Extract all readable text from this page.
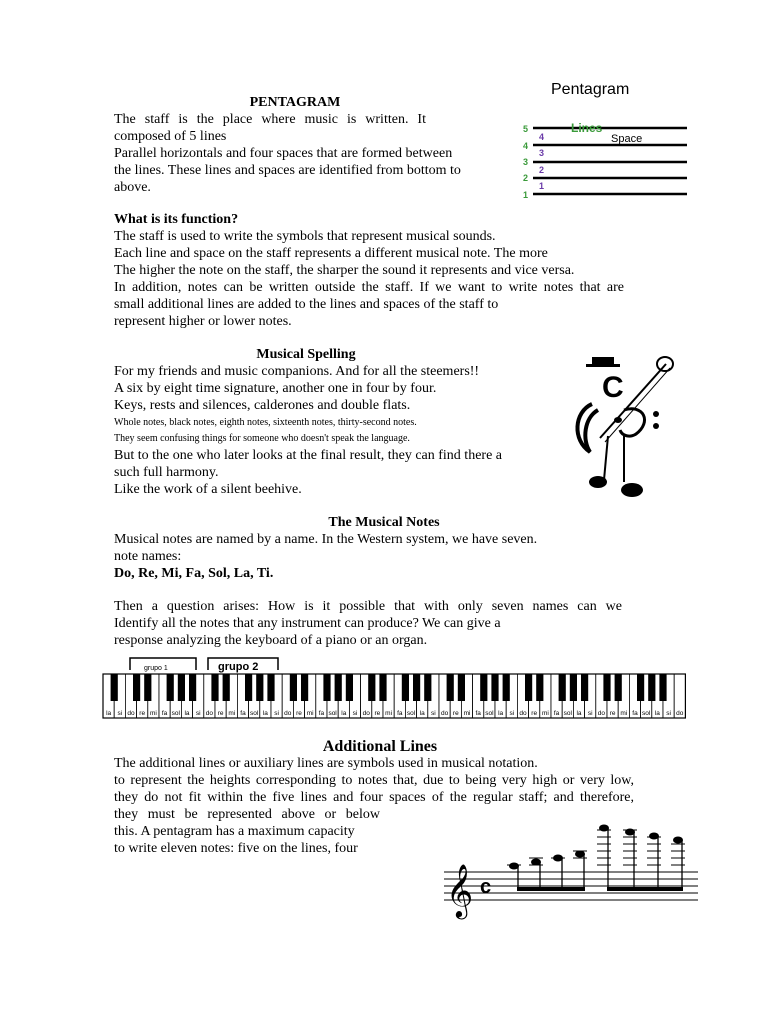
PENTAGRAM
The staff is the place where music is written. It
composed of 5 lines
Parallel horizontals and four spaces that are formed between
the lines. These lines and spaces are identified from bottom to
above.
Pentagram
Lines
Space
5
4
3
2
1
4
3
2
1
What is its function?
The staff is used to write the symbols that represent musical sounds.
Each line and space on the staff represents a different musical note. The more
The higher the note on the staff, the sharper the sound it represents and vice versa.
In addition, notes can be written outside the staff. If we want to write notes that are
small additional lines are added to the lines and spaces of the staff to
represent higher or lower notes.
Musical Spelling
For my friends and music companions. And for all the steemers!!
A six by eight time signature, another one in four by four.
Keys, rests and silences, calderones and double flats.
Whole notes, black notes, eighth notes, sixteenth notes, thirty-second notes.
They seem confusing things for someone who doesn't speak the language.
But to the one who later looks at the final result, they can find there a
such full harmony.
Like the work of a silent beehive.
C
The Musical Notes
Musical notes are named by a name. In the Western system, we have seven.
note names:
Do, Re, Mi, Fa, Sol, La, Ti.
Then a question arises: How is it possible that with only seven names can we
Identify all the notes that any instrument can produce? We can give a
response analyzing the keyboard of a piano or an organ.
grupo 1	grupo 2
la si do re mi fa sol la si do re mi fa sol la si do re mi fa sol la si do re mi fa sol la si do re mi fa sol la si do re mi fa sol la si do re mi fa sol la si do
Additional Lines
The additional lines or auxiliary lines are symbols used in musical notation.
to represent the heights corresponding to notes that, due to being very high or very low,
they do not fit within the five lines and four spaces of the regular staff; and therefore,
they must be represented above or below
this. A pentagram has a maximum capacity
to write eleven notes: five on the lines, four
𝄞 c
